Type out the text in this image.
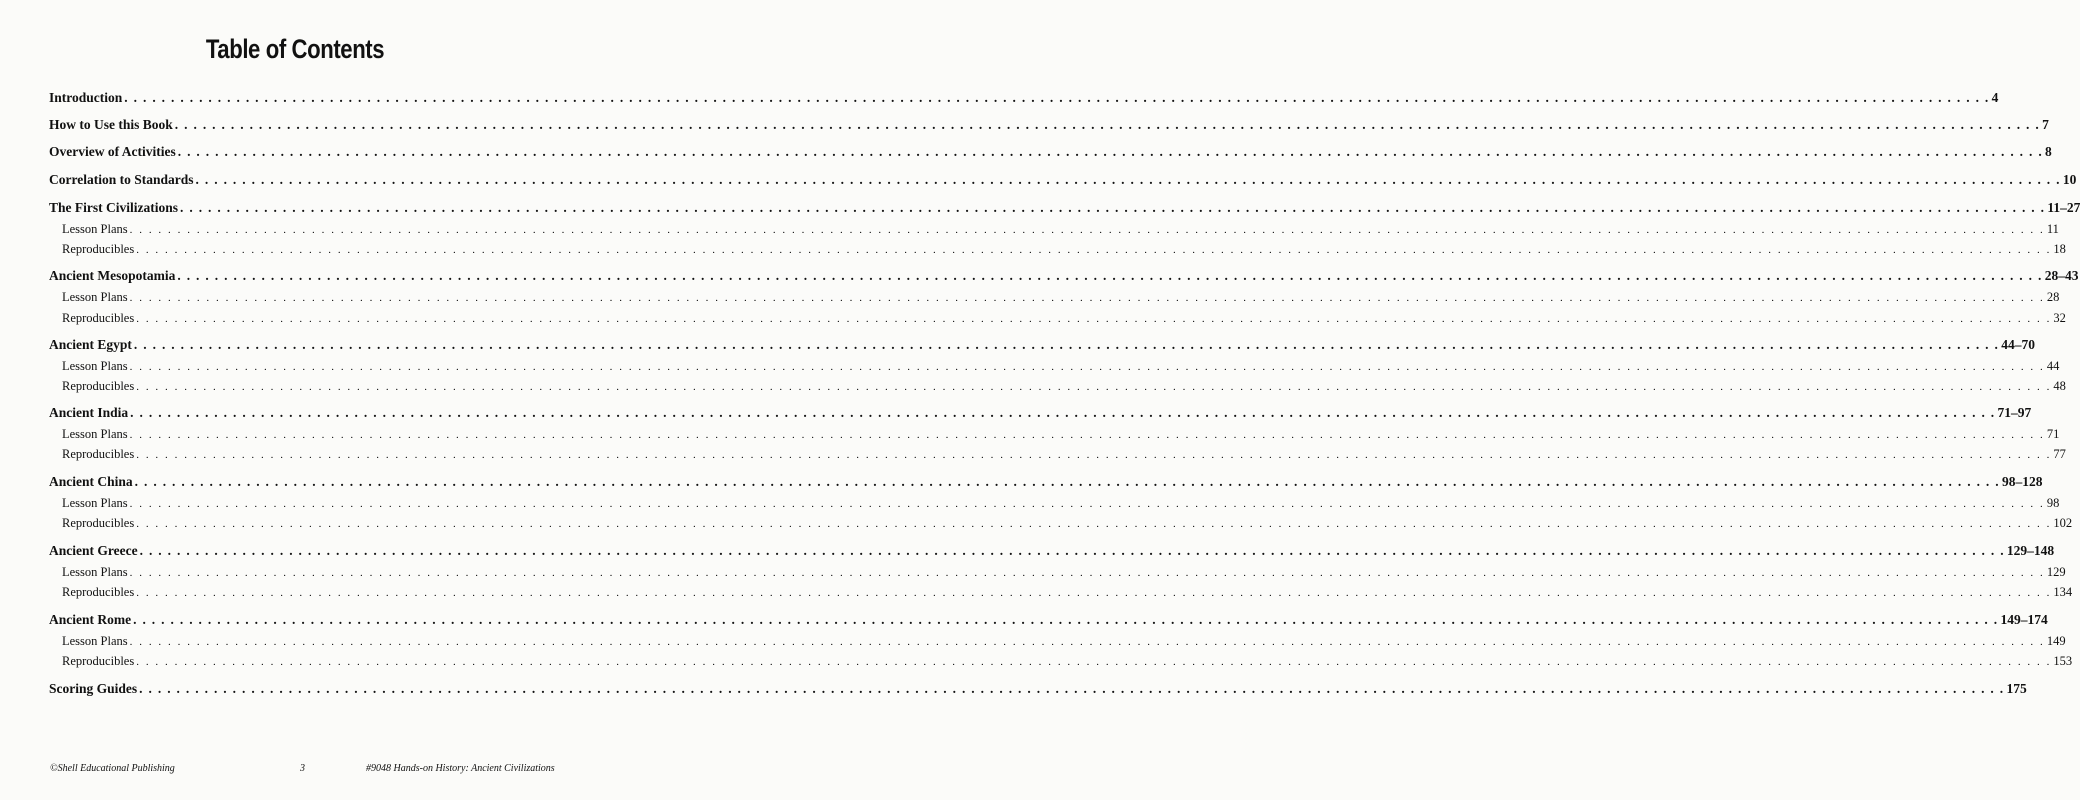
Table of Contents
Introduction . . . . . . . . . . . . . . . . . . . . . . . . . . . . . . . . . . . . . . . . . . . . . . . . . . . . . . . . . . . . . . . . . . . . . . . . . . . . . . . . . . . . . . . . . . . . . . . . . . . . . . . . . . . . . . . . . . . . . . . . . . . . . . . . . . . . . . . . . . . . . . . . . . . . . . . . . . . . . . . . . . . . . . . . . . . . . . . . . . . . . . . . . . . . . . . . . . . . . . . . 4
How to Use this Book . . . . . . . . . . . . . . . . . . . . . . . . . . . . . . . . . . . . . . . . . . . . . . . . . . . . . . . . . . . . . . . . . . . . . . . . . . . . . . . . . . . . . . . . . . . . . . . . . . . . . . . . . . . . . . . . . . . . . . . . . . . . . . . . . . . . . . . . . . . . . . . . . . . . . . . . . . . . . . . . . . . . . . . . . . . . . . . . . . . . . . . . . . . . . . . . . . . . . . . . 7
Overview of Activities . . . . . . . . . . . . . . . . . . . . . . . . . . . . . . . . . . . . . . . . . . . . . . . . . . . . . . . . . . . . . . . . . . . . . . . . . . . . . . . . . . . . . . . . . . . . . . . . . . . . . . . . . . . . . . . . . . . . . . . . . . . . . . . . . . . . . . . . . . . . . . . . . . . . . . . . . . . . . . . . . . . . . . . . . . . . . . . . . . . . . . . . . . . . . . . . . . . . . . . . 8
Correlation to Standards . . . . . . . . . . . . . . . . . . . . . . . . . . . . . . . . . . . . . . . . . . . . . . . . . . . . . . . . . . . . . . . . . . . . . . . . . . . . . . . . . . . . . . . . . . . . . . . . . . . . . . . . . . . . . . . . . . . . . . . . . . . . . . . . . . . . . . . . . . . . . . . . . . . . . . . . . . . . . . . . . . . . . . . . . . . . . . . . . . . . . . . . . . . . . . . . . . . . . . . . 10
The First Civilizations . . . . . . . . . . . . . . . . . . . . . . . . . . . . . . . . . . . . . . . . . . . . . . . . . . . . . . . . . . . . . . . . . . . . . . . . . . . . . . . . . . . . . . . . . . . . . . . . . . . . . . . . . . . . . . . . . . . . . . . . . . . . . . . . . . . . . . . . . . . . . . . . . . . . . . . . . . . . . . . . . . . . . . . . . . . . . . . . . . . . . . . . . . . . . . . . . . . . . . . . 11–27
Lesson Plans . . . . . . . . . . . . . . . . . . . . . . . . . . . . . . . . . . . . . . . . . . . . . . . . . . . . . . . . . . . . . . . . . . . . . . . . . . . . . . . . . . . . . . . . . . . . . . . . . . . . . . . . . . . . . . . . . . . . . . . . . . . . . . . . . . . . . . . . . . . . . . . . . . . . . . . . . . . . . . . . . . . . . . . . . . . . . . . . . . . . . . . . . . . . . . . . . . . . . . . . 11
Reproducibles . . . . . . . . . . . . . . . . . . . . . . . . . . . . . . . . . . . . . . . . . . . . . . . . . . . . . . . . . . . . . . . . . . . . . . . . . . . . . . . . . . . . . . . . . . . . . . . . . . . . . . . . . . . . . . . . . . . . . . . . . . . . . . . . . . . . . . . . . . . . . . . . . . . . . . . . . . . . . . . . . . . . . . . . . . . . . . . . . . . . . . . . . . . . . . . . . . . . . . . . 18
Ancient Mesopotamia . . . . . . . . . . . . . . . . . . . . . . . . . . . . . . . . . . . . . . . . . . . . . . . . . . . . . . . . . . . . . . . . . . . . . . . . . . . . . . . . . . . . . . . . . . . . . . . . . . . . . . . . . . . . . . . . . . . . . . . . . . . . . . . . . . . . . . . . . . . . . . . . . . . . . . . . . . . . . . . . . . . . . . . . . . . . . . . . . . . . . . . . . . . . . . . . . . . . . . . . 28–43
Lesson Plans . . . . . . . . . . . . . . . . . . . . . . . . . . . . . . . . . . . . . . . . . . . . . . . . . . . . . . . . . . . . . . . . . . . . . . . . . . . . . . . . . . . . . . . . . . . . . . . . . . . . . . . . . . . . . . . . . . . . . . . . . . . . . . . . . . . . . . . . . . . . . . . . . . . . . . . . . . . . . . . . . . . . . . . . . . . . . . . . . . . . . . . . . . . . . . . . . . . . . . . . 28
Reproducibles . . . . . . . . . . . . . . . . . . . . . . . . . . . . . . . . . . . . . . . . . . . . . . . . . . . . . . . . . . . . . . . . . . . . . . . . . . . . . . . . . . . . . . . . . . . . . . . . . . . . . . . . . . . . . . . . . . . . . . . . . . . . . . . . . . . . . . . . . . . . . . . . . . . . . . . . . . . . . . . . . . . . . . . . . . . . . . . . . . . . . . . . . . . . . . . . . . . . . . . . 32
Ancient Egypt . . . . . . . . . . . . . . . . . . . . . . . . . . . . . . . . . . . . . . . . . . . . . . . . . . . . . . . . . . . . . . . . . . . . . . . . . . . . . . . . . . . . . . . . . . . . . . . . . . . . . . . . . . . . . . . . . . . . . . . . . . . . . . . . . . . . . . . . . . . . . . . . . . . . . . . . . . . . . . . . . . . . . . . . . . . . . . . . . . . . . . . . . . . . . . . . . . . . . . . . 44–70
Lesson Plans . . . . . . . . . . . . . . . . . . . . . . . . . . . . . . . . . . . . . . . . . . . . . . . . . . . . . . . . . . . . . . . . . . . . . . . . . . . . . . . . . . . . . . . . . . . . . . . . . . . . . . . . . . . . . . . . . . . . . . . . . . . . . . . . . . . . . . . . . . . . . . . . . . . . . . . . . . . . . . . . . . . . . . . . . . . . . . . . . . . . . . . . . . . . . . . . . . . . . . . . 44
Reproducibles . . . . . . . . . . . . . . . . . . . . . . . . . . . . . . . . . . . . . . . . . . . . . . . . . . . . . . . . . . . . . . . . . . . . . . . . . . . . . . . . . . . . . . . . . . . . . . . . . . . . . . . . . . . . . . . . . . . . . . . . . . . . . . . . . . . . . . . . . . . . . . . . . . . . . . . . . . . . . . . . . . . . . . . . . . . . . . . . . . . . . . . . . . . . . . . . . . . . . . . . 48
Ancient India . . . . . . . . . . . . . . . . . . . . . . . . . . . . . . . . . . . . . . . . . . . . . . . . . . . . . . . . . . . . . . . . . . . . . . . . . . . . . . . . . . . . . . . . . . . . . . . . . . . . . . . . . . . . . . . . . . . . . . . . . . . . . . . . . . . . . . . . . . . . . . . . . . . . . . . . . . . . . . . . . . . . . . . . . . . . . . . . . . . . . . . . . . . . . . . . . . . . . . . . 71–97
Lesson Plans . . . . . . . . . . . . . . . . . . . . . . . . . . . . . . . . . . . . . . . . . . . . . . . . . . . . . . . . . . . . . . . . . . . . . . . . . . . . . . . . . . . . . . . . . . . . . . . . . . . . . . . . . . . . . . . . . . . . . . . . . . . . . . . . . . . . . . . . . . . . . . . . . . . . . . . . . . . . . . . . . . . . . . . . . . . . . . . . . . . . . . . . . . . . . . . . . . . . . . . . 71
Reproducibles . . . . . . . . . . . . . . . . . . . . . . . . . . . . . . . . . . . . . . . . . . . . . . . . . . . . . . . . . . . . . . . . . . . . . . . . . . . . . . . . . . . . . . . . . . . . . . . . . . . . . . . . . . . . . . . . . . . . . . . . . . . . . . . . . . . . . . . . . . . . . . . . . . . . . . . . . . . . . . . . . . . . . . . . . . . . . . . . . . . . . . . . . . . . . . . . . . . . . . . . 77
Ancient China . . . . . . . . . . . . . . . . . . . . . . . . . . . . . . . . . . . . . . . . . . . . . . . . . . . . . . . . . . . . . . . . . . . . . . . . . . . . . . . . . . . . . . . . . . . . . . . . . . . . . . . . . . . . . . . . . . . . . . . . . . . . . . . . . . . . . . . . . . . . . . . . . . . . . . . . . . . . . . . . . . . . . . . . . . . . . . . . . . . . . . . . . . . . . . . . . . . . . . . . 98–128
Lesson Plans . . . . . . . . . . . . . . . . . . . . . . . . . . . . . . . . . . . . . . . . . . . . . . . . . . . . . . . . . . . . . . . . . . . . . . . . . . . . . . . . . . . . . . . . . . . . . . . . . . . . . . . . . . . . . . . . . . . . . . . . . . . . . . . . . . . . . . . . . . . . . . . . . . . . . . . . . . . . . . . . . . . . . . . . . . . . . . . . . . . . . . . . . . . . . . . . . . . . . . . . 98
Reproducibles . . . . . . . . . . . . . . . . . . . . . . . . . . . . . . . . . . . . . . . . . . . . . . . . . . . . . . . . . . . . . . . . . . . . . . . . . . . . . . . . . . . . . . . . . . . . . . . . . . . . . . . . . . . . . . . . . . . . . . . . . . . . . . . . . . . . . . . . . . . . . . . . . . . . . . . . . . . . . . . . . . . . . . . . . . . . . . . . . . . . . . . . . . . . . . . . . . . . . . . . 102
Ancient Greece . . . . . . . . . . . . . . . . . . . . . . . . . . . . . . . . . . . . . . . . . . . . . . . . . . . . . . . . . . . . . . . . . . . . . . . . . . . . . . . . . . . . . . . . . . . . . . . . . . . . . . . . . . . . . . . . . . . . . . . . . . . . . . . . . . . . . . . . . . . . . . . . . . . . . . . . . . . . . . . . . . . . . . . . . . . . . . . . . . . . . . . . . . . . . . . . . . . . . . . . 129–148
Lesson Plans . . . . . . . . . . . . . . . . . . . . . . . . . . . . . . . . . . . . . . . . . . . . . . . . . . . . . . . . . . . . . . . . . . . . . . . . . . . . . . . . . . . . . . . . . . . . . . . . . . . . . . . . . . . . . . . . . . . . . . . . . . . . . . . . . . . . . . . . . . . . . . . . . . . . . . . . . . . . . . . . . . . . . . . . . . . . . . . . . . . . . . . . . . . . . . . . . . . . . . . . 129
Reproducibles . . . . . . . . . . . . . . . . . . . . . . . . . . . . . . . . . . . . . . . . . . . . . . . . . . . . . . . . . . . . . . . . . . . . . . . . . . . . . . . . . . . . . . . . . . . . . . . . . . . . . . . . . . . . . . . . . . . . . . . . . . . . . . . . . . . . . . . . . . . . . . . . . . . . . . . . . . . . . . . . . . . . . . . . . . . . . . . . . . . . . . . . . . . . . . . . . . . . . . . . 134
Ancient Rome . . . . . . . . . . . . . . . . . . . . . . . . . . . . . . . . . . . . . . . . . . . . . . . . . . . . . . . . . . . . . . . . . . . . . . . . . . . . . . . . . . . . . . . . . . . . . . . . . . . . . . . . . . . . . . . . . . . . . . . . . . . . . . . . . . . . . . . . . . . . . . . . . . . . . . . . . . . . . . . . . . . . . . . . . . . . . . . . . . . . . . . . . . . . . . . . . . . . . . . . 149–174
Lesson Plans . . . . . . . . . . . . . . . . . . . . . . . . . . . . . . . . . . . . . . . . . . . . . . . . . . . . . . . . . . . . . . . . . . . . . . . . . . . . . . . . . . . . . . . . . . . . . . . . . . . . . . . . . . . . . . . . . . . . . . . . . . . . . . . . . . . . . . . . . . . . . . . . . . . . . . . . . . . . . . . . . . . . . . . . . . . . . . . . . . . . . . . . . . . . . . . . . . . . . . . . 149
Reproducibles . . . . . . . . . . . . . . . . . . . . . . . . . . . . . . . . . . . . . . . . . . . . . . . . . . . . . . . . . . . . . . . . . . . . . . . . . . . . . . . . . . . . . . . . . . . . . . . . . . . . . . . . . . . . . . . . . . . . . . . . . . . . . . . . . . . . . . . . . . . . . . . . . . . . . . . . . . . . . . . . . . . . . . . . . . . . . . . . . . . . . . . . . . . . . . . . . . . . . . . . 153
Scoring Guides . . . . . . . . . . . . . . . . . . . . . . . . . . . . . . . . . . . . . . . . . . . . . . . . . . . . . . . . . . . . . . . . . . . . . . . . . . . . . . . . . . . . . . . . . . . . . . . . . . . . . . . . . . . . . . . . . . . . . . . . . . . . . . . . . . . . . . . . . . . . . . . . . . . . . . . . . . . . . . . . . . . . . . . . . . . . . . . . . . . . . . . . . . . . . . . . . . . . . . . . 175
©Shell Educational Publishing	3	#9048 Hands-on History: Ancient Civilizations
